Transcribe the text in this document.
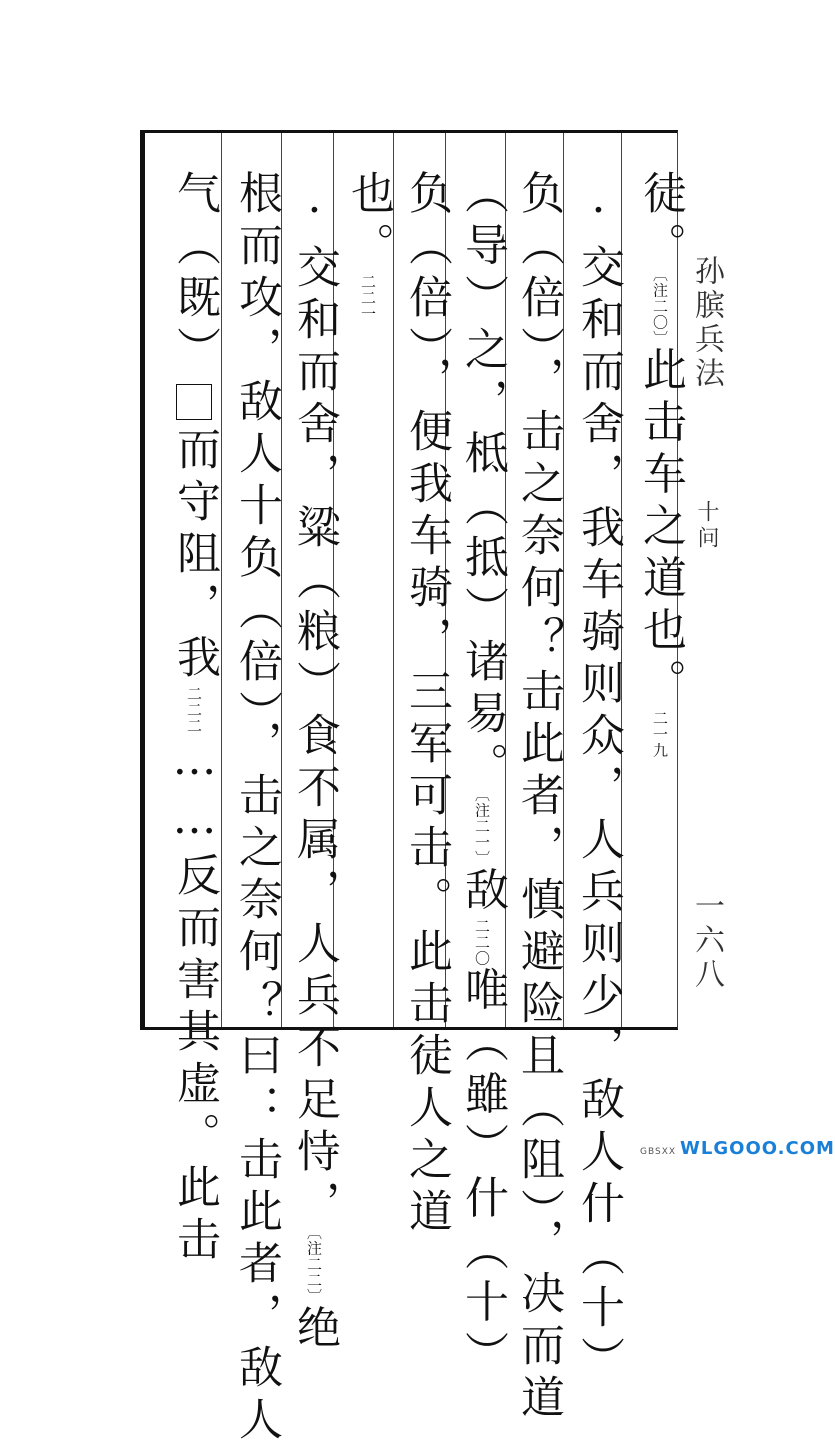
徒。〔注二〇〕此击车之道也。二一九
·交和而舍，我车骑则众，人兵则少，敌人什（十）
负（倍），击之奈何？击此者，慎避险且（阻），决而道
（导）之，柢（抵）诸易。〔注二一〕敌二二〇唯（雖）什（十）
负（倍），便我车骑，三军可击。此击徒人之道
也。二二一
·交和而舍，粱（粮）食不属，人兵不足恃，〔注二二〕绝
根而攻，敌人十负（倍），击之奈何？曰：击此者，敌人
气（既）而守阻，我二二二……反而害其虚。此击
孙膑兵法
十问
一六八
GBSXX WLGOOO.COM
